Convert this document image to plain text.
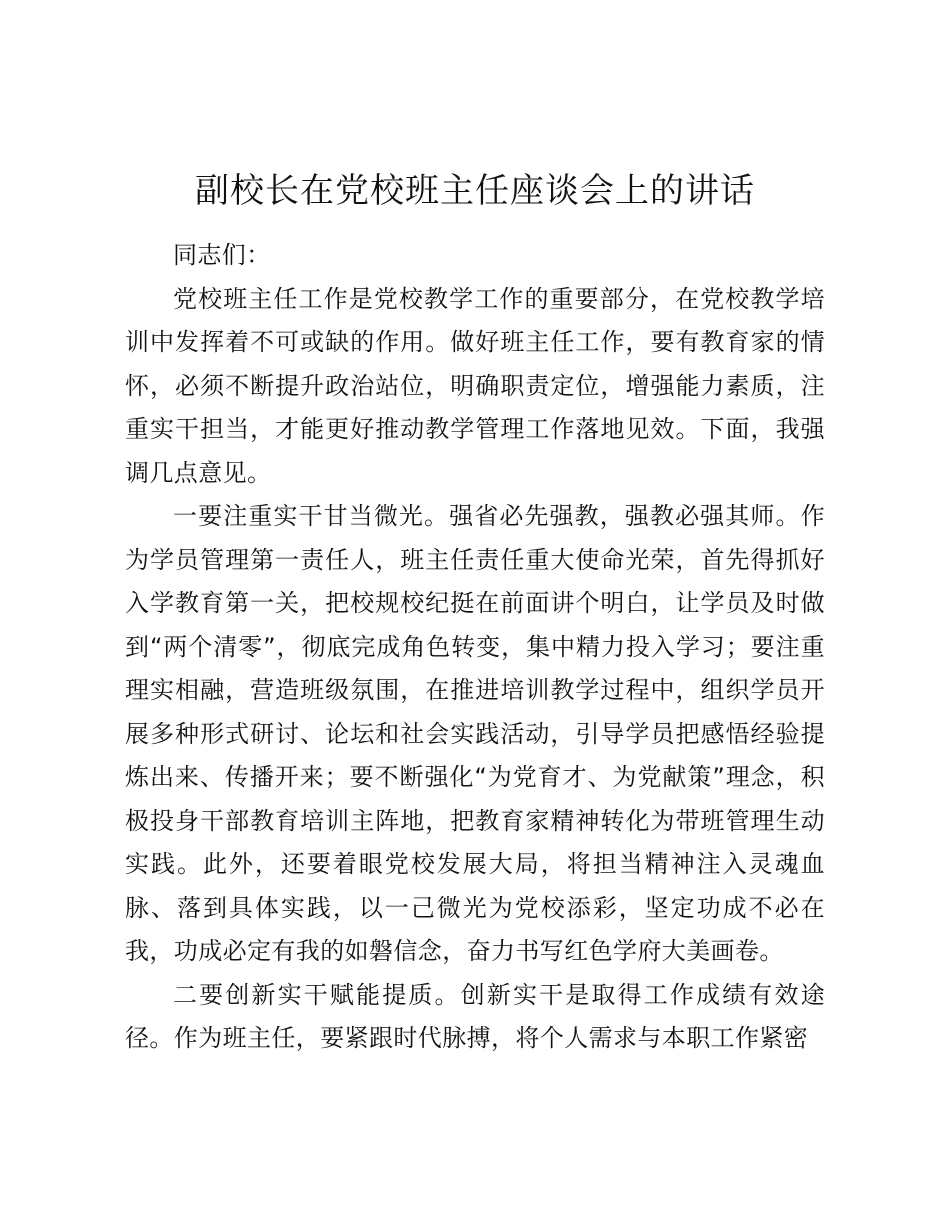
副校长在党校班主任座谈会上的讲话

同志们：

党校班主任工作是党校教学工作的重要部分，在党校教学培训中发挥着不可或缺的作用。做好班主任工作，要有教育家的情怀，必须不断提升政治站位，明确职责定位，增强能力素质，注重实干担当，才能更好推动教学管理工作落地见效。下面，我强调几点意见。

一要注重实干甘当微光。强省必先强教，强教必强其师。作为学员管理第一责任人，班主任责任重大使命光荣，首先得抓好入学教育第一关，把校规校纪挺在前面讲个明白，让学员及时做到“两个清零”，彻底完成角色转变，集中精力投入学习；要注重理实相融，营造班级氛围，在推进培训教学过程中，组织学员开展多种形式研讨、论坛和社会实践活动，引导学员把感悟经验提炼出来、传播开来；要不断强化“为党育才、为党献策”理念，积极投身干部教育培训主阵地，把教育家精神转化为带班管理生动实践。此外，还要着眼党校发展大局，将担当精神注入灵魂血脉、落到具体实践，以一己微光为党校添彩，坚定功成不必在我，功成必定有我的如磐信念，奋力书写红色学府大美画卷。

二要创新实干赋能提质。创新实干是取得工作成绩有效途径。作为班主任，要紧跟时代脉搏，将个人需求与本职工作紧密
